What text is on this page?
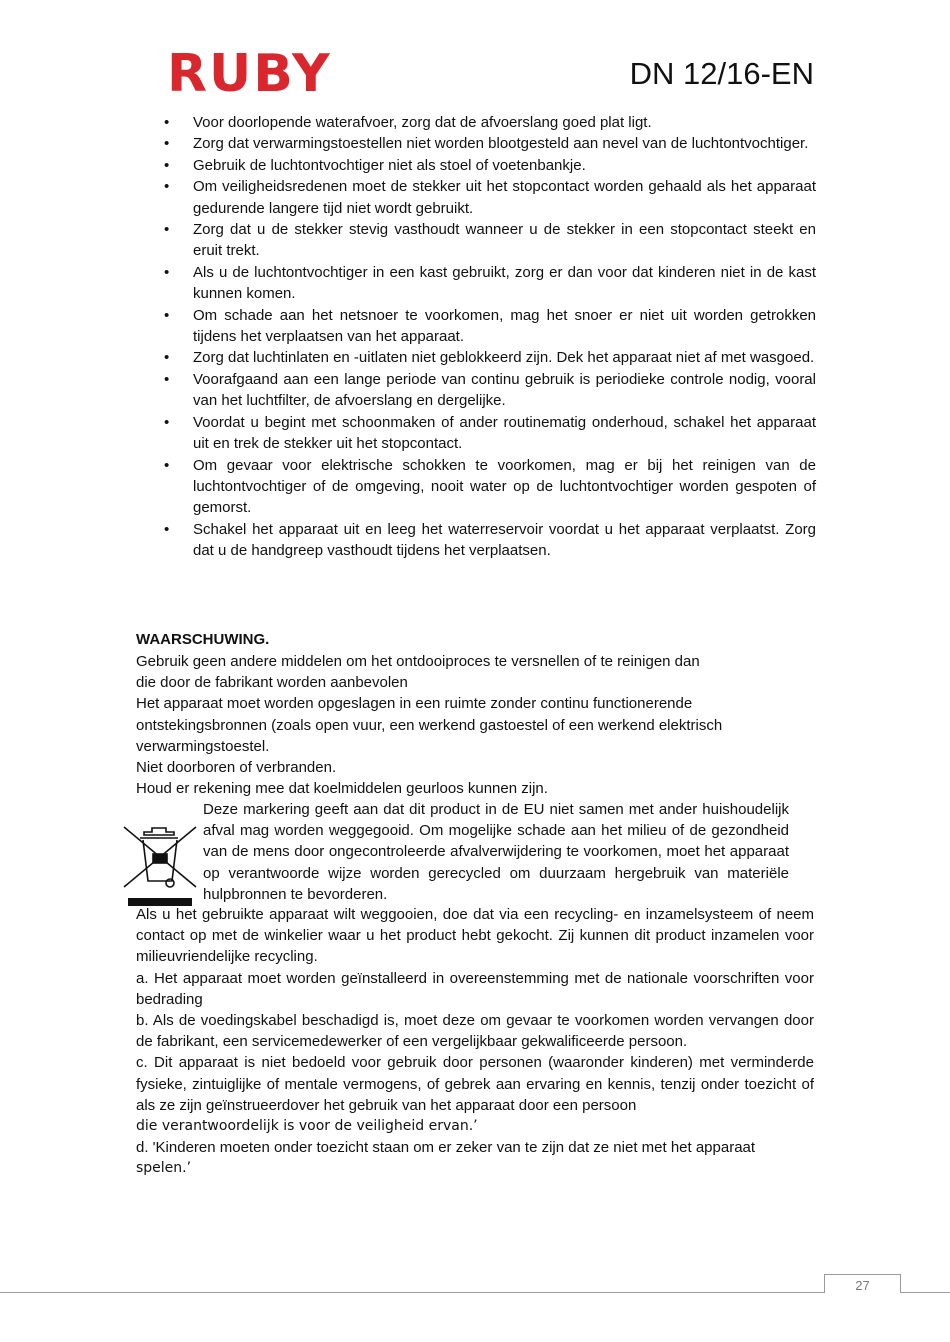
RUBY	DN 12/16-EN
• Voor doorlopende waterafvoer, zorg dat de afvoerslang goed plat ligt.
• Zorg dat verwarmingstoestellen niet worden blootgesteld aan nevel van de luchtontvochtiger.
• Gebruik de luchtontvochtiger niet als stoel of voetenbankje.
• Om veiligheidsredenen moet de stekker uit het stopcontact worden gehaald als het apparaat gedurende langere tijd niet wordt gebruikt.
• Zorg dat u de stekker stevig vasthoudt wanneer u de stekker in een stopcontact steekt en eruit trekt.
• Als u de luchtontvochtiger in een kast gebruikt, zorg er dan voor dat kinderen niet in de kast kunnen komen.
• Om schade aan het netsnoer te voorkomen, mag het snoer er niet uit worden getrokken tijdens het verplaatsen van het apparaat.
• Zorg dat luchtinlaten en -uitlaten niet geblokkeerd zijn. Dek het apparaat niet af met wasgoed.
• Voorafgaand aan een lange periode van continu gebruik is periodieke controle nodig, vooral van het luchtfilter, de afvoerslang en dergelijke.
• Voordat u begint met schoonmaken of ander routinematig onderhoud, schakel het apparaat uit en trek de stekker uit het stopcontact.
• Om gevaar voor elektrische schokken te voorkomen, mag er bij het reinigen van de luchtontvochtiger of de omgeving, nooit water op de luchtontvochtiger worden gespoten of gemorst.
• Schakel het apparaat uit en leeg het waterreservoir voordat u het apparaat verplaatst. Zorg dat u de handgreep vasthoudt tijdens het verplaatsen.
WAARSCHUWING.
Gebruik geen andere middelen om het ontdooiproces te versnellen of te reinigen dan
die door de fabrikant worden aanbevolen
Het apparaat moet worden opgeslagen in een ruimte zonder continu functionerende
ontstekingsbronnen (zoals open vuur, een werkend gastoestel of een werkend elektrisch
verwarmingstoestel.
Niet doorboren of verbranden.
Houd er rekening mee dat koelmiddelen geurloos kunnen zijn.
Deze markering geeft aan dat dit product in de EU niet samen met ander huishoudelijk afval mag worden weggegooid. Om mogelijke schade aan het milieu of de gezondheid van de mens door ongecontroleerde afvalverwijdering te voorkomen, moet het apparaat op verantwoorde wijze worden gerecycled om duurzaam hergebruik van materiële hulpbronnen te bevorderen.

Als u het gebruikte apparaat wilt weggooien, doe dat via een recycling- en inzamelsysteem of neem contact op met de winkelier waar u het product hebt gekocht. Zij kunnen dit product inzamelen voor milieuvriendelijke recycling.

a. Het apparaat moet worden geïnstalleerd in overeenstemming met de nationale voorschriften voor bedrading

b. Als de voedingskabel beschadigd is, moet deze om gevaar te voorkomen worden vervangen door de fabrikant, een servicemedewerker of een vergelijkbaar gekwalificeerde persoon.

c. Dit apparaat is niet bedoeld voor gebruik door personen (waaronder kinderen) met verminderde fysieke, zintuiglijke of mentale vermogens, of gebrek aan ervaring en kennis, tenzij onder toezicht of als ze zijn geïnstrueerdover het gebruik van het apparaat door een persoon

die verantwoordelijk is voor de veiligheid ervan.’

d. 'Kinderen moeten onder toezicht staan om er zeker van te zijn dat ze niet met het apparaat

spelen.’

27
